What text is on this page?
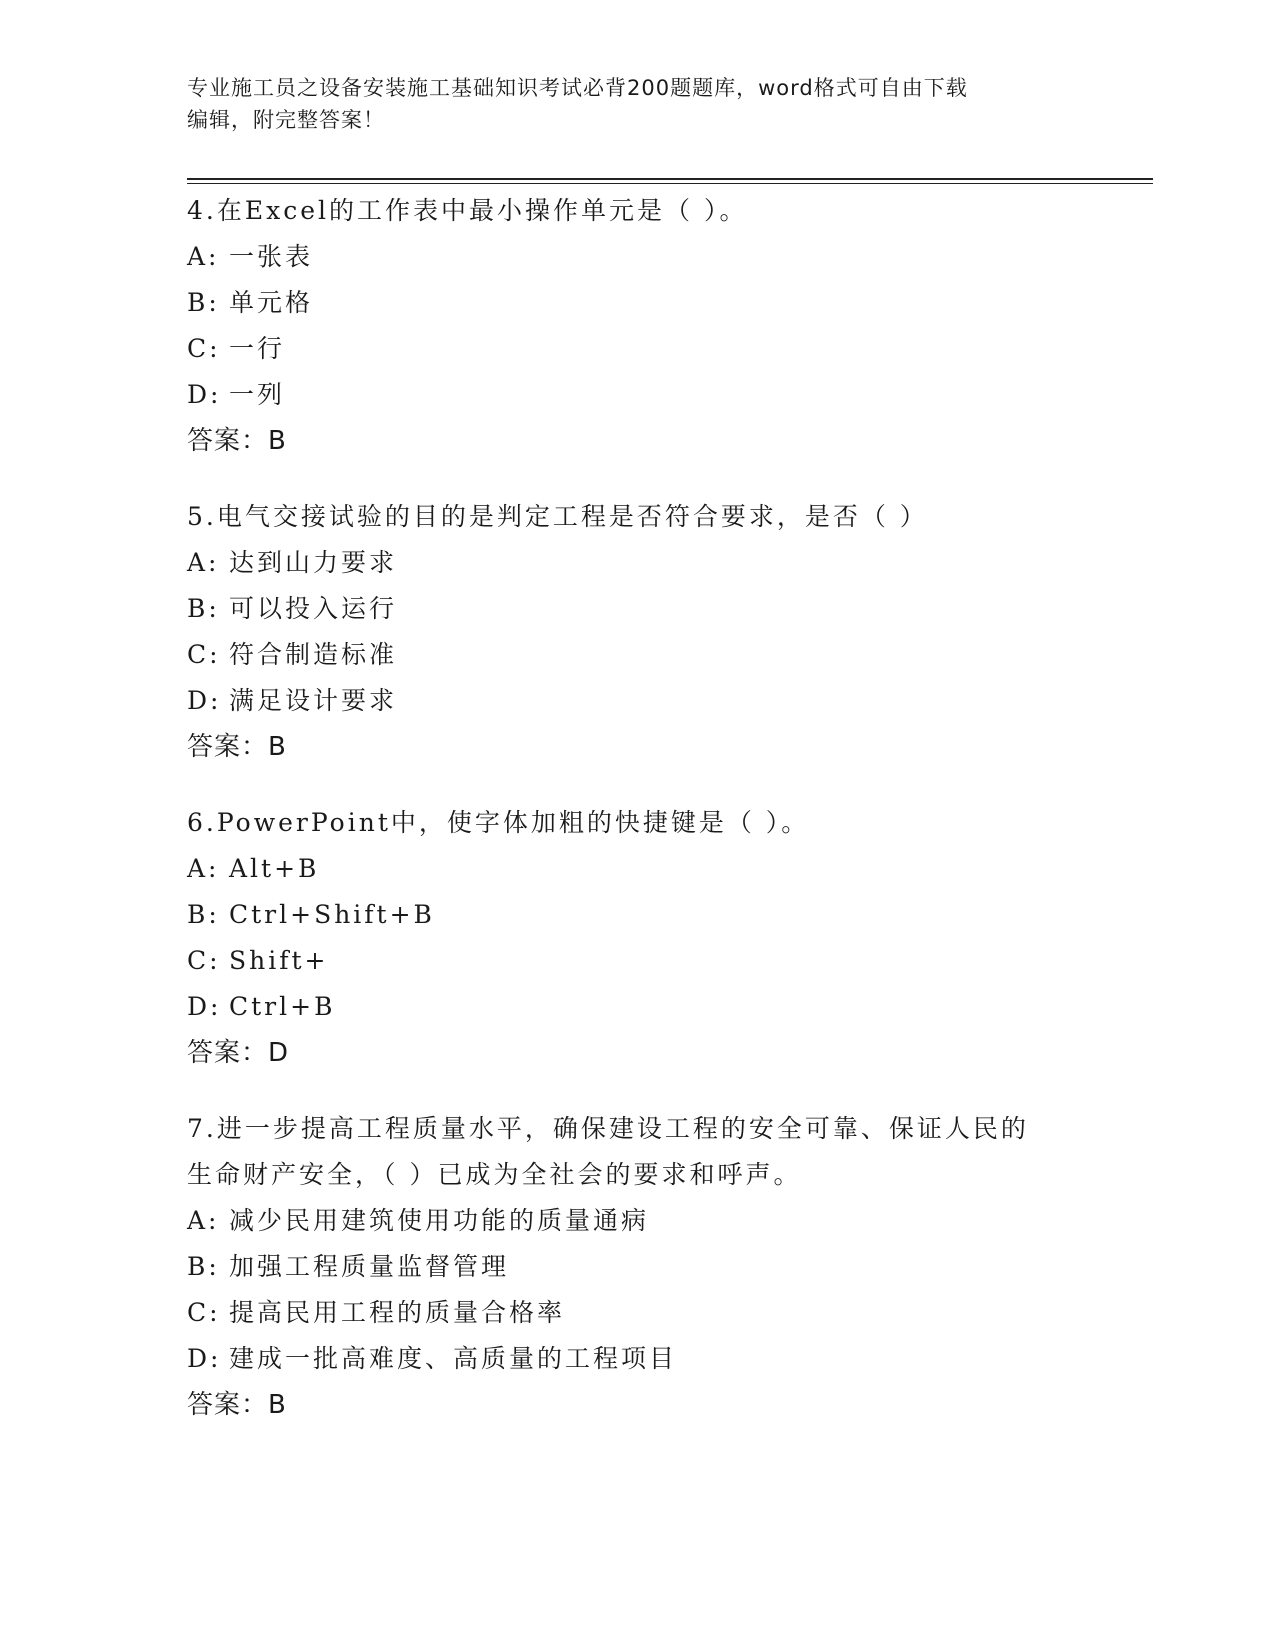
专业施工员之设备安装施工基础知识考试必背200题题库，word格式可自由下载
编辑，附完整答案！

4.在Excel的工作表中最小操作单元是（ ）。

A: 一张表

B: 单元格

C: 一行

D: 一列

答案：B

5.电气交接试验的目的是判定工程是否符合要求，是否（ ）

A: 达到山力要求

B: 可以投入运行

C: 符合制造标准

D: 满足设计要求

答案：B

6.PowerPoint中，使字体加粗的快捷键是（ ）。

A: Alt+B

B: Ctrl+Shift+B

C: Shift+

D: Ctrl+B

答案：D

7.进一步提高工程质量水平，确保建设工程的安全可靠、保证人民的生命财产安全，（ ）已成为全社会的要求和呼声。

A: 减少民用建筑使用功能的质量通病

B: 加强工程质量监督管理

C: 提高民用工程的质量合格率

D: 建成一批高难度、高质量的工程项目

答案：B
